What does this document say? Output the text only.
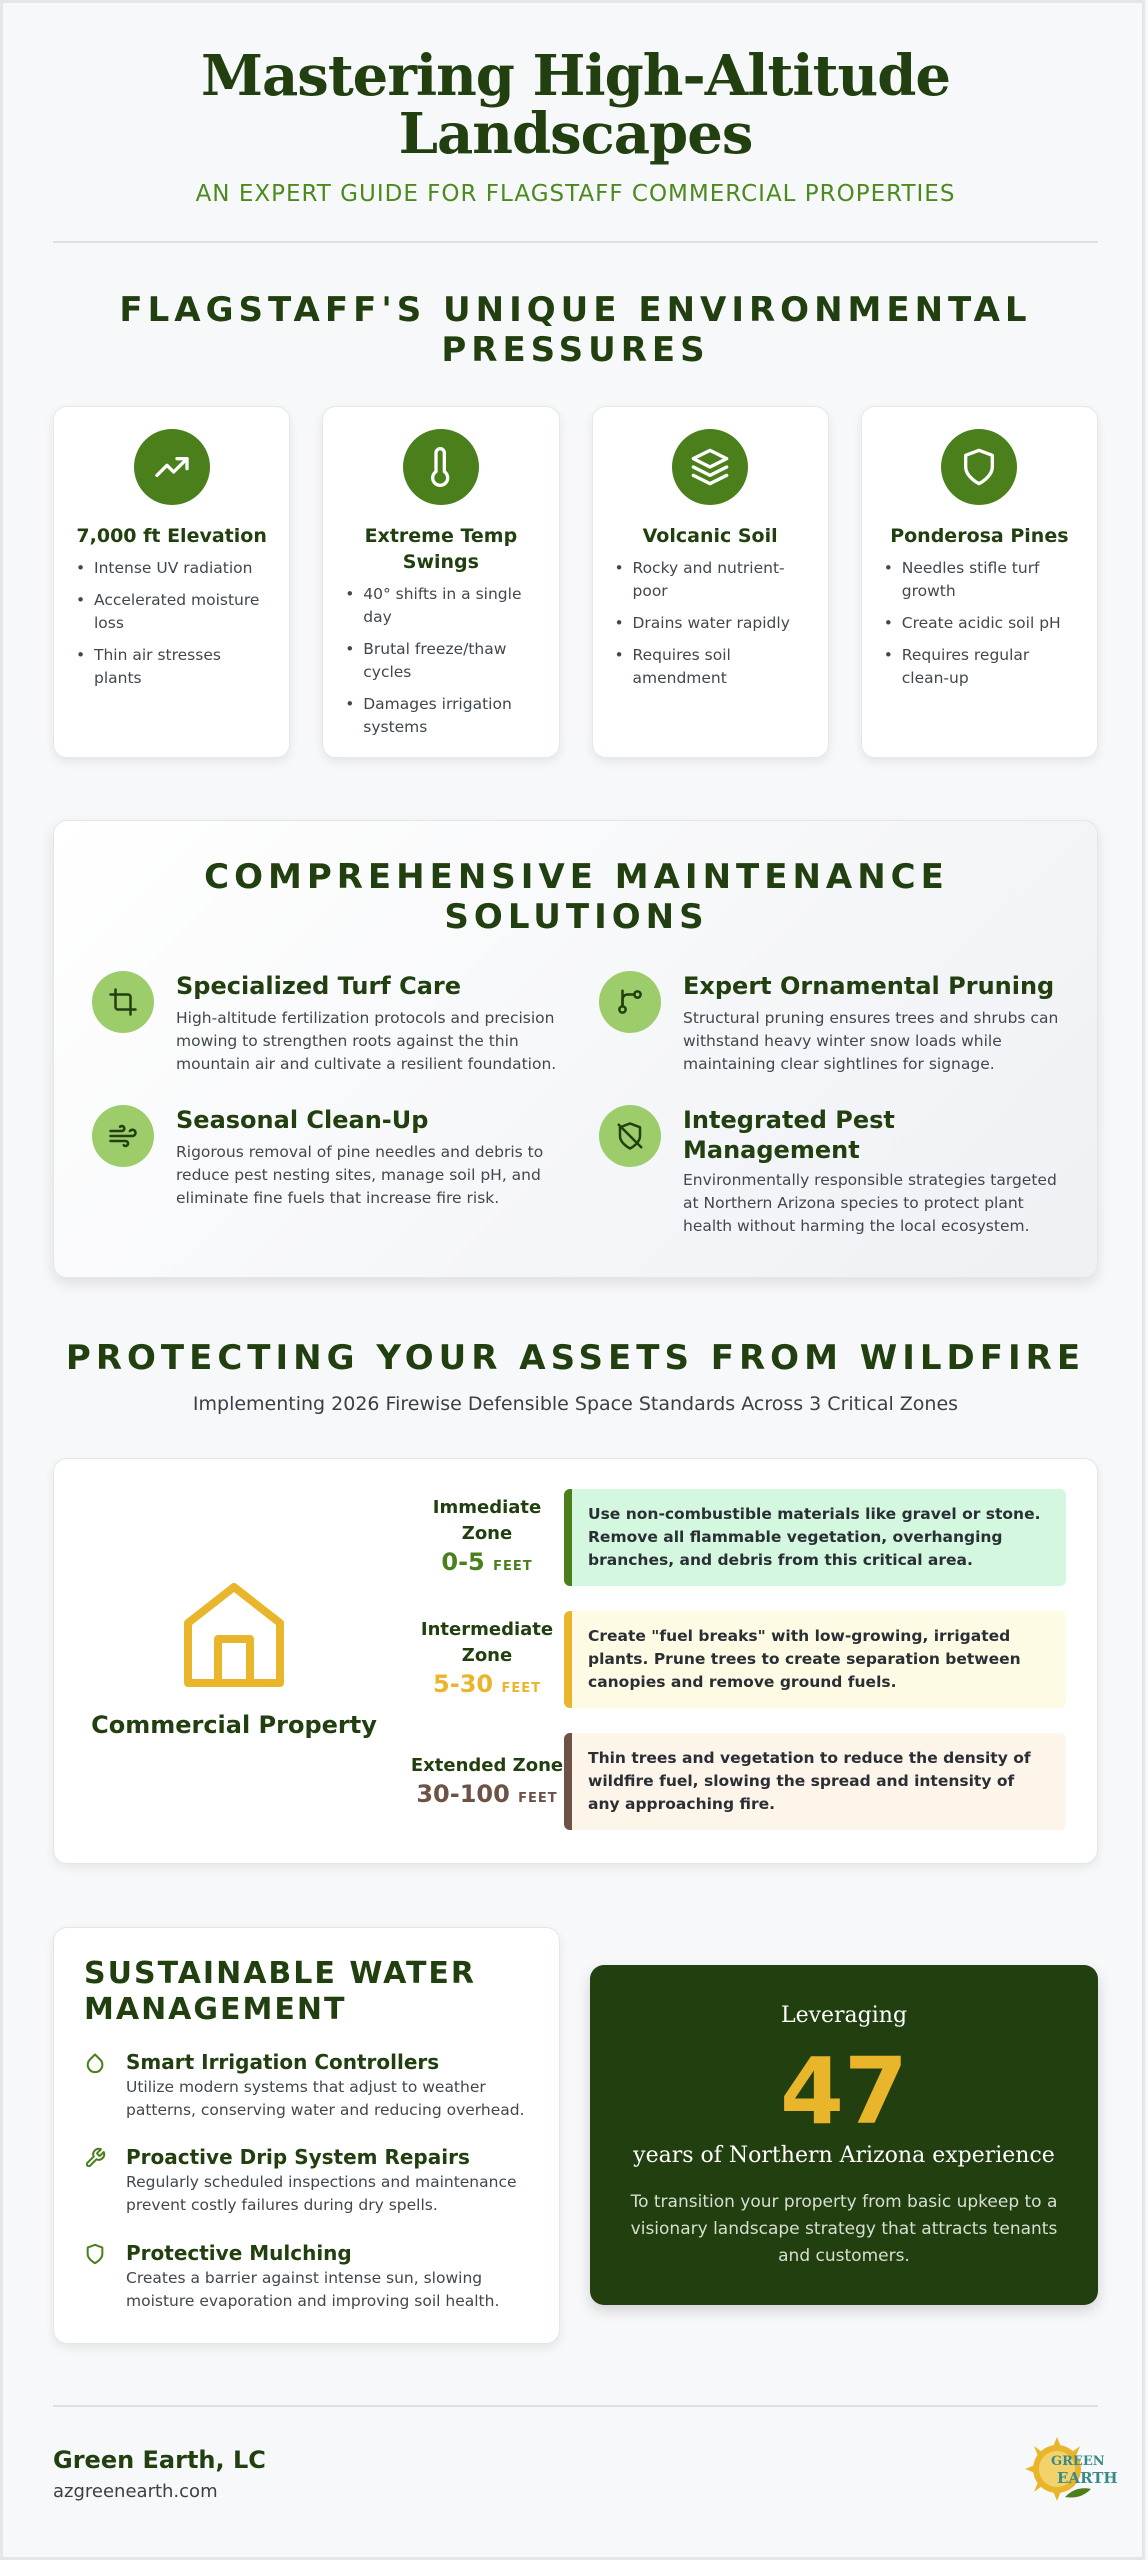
Mastering High-Altitude
Landscapes
AN EXPERT GUIDE FOR FLAGSTAFF COMMERCIAL PROPERTIES
FLAGSTAFF'S UNIQUE ENVIRONMENTAL
PRESSURES
7,000 ft Elevation
• Intense UV radiation
• Accelerated moisture loss
• Thin air stresses plants
Extreme Temp Swings
• 40° shifts in a single day
• Brutal freeze/thaw cycles
• Damages irrigation systems
Volcanic Soil
• Rocky and nutrient-poor
• Drains water rapidly
• Requires soil amendment
Ponderosa Pines
• Needles stifle turf growth
• Create acidic soil pH
• Requires regular clean-up
COMPREHENSIVE MAINTENANCE
SOLUTIONS
Specialized Turf Care
High-altitude fertilization protocols and precision mowing to strengthen roots against the thin mountain air and cultivate a resilient foundation.
Expert Ornamental Pruning
Structural pruning ensures trees and shrubs can withstand heavy winter snow loads while maintaining clear sightlines for signage.
Seasonal Clean-Up
Rigorous removal of pine needles and debris to reduce pest nesting sites, manage soil pH, and eliminate fine fuels that increase fire risk.
Integrated Pest Management
Environmentally responsible strategies targeted at Northern Arizona species to protect plant health without harming the local ecosystem.
PROTECTING YOUR ASSETS FROM WILDFIRE
Implementing 2026 Firewise Defensible Space Standards Across 3 Critical Zones
Commercial Property
Immediate
Zone
0-5 FEET
Use non-combustible materials like gravel or stone. Remove all flammable vegetation, overhanging branches, and debris from this critical area.
Intermediate
Zone
5-30 FEET
Create "fuel breaks" with low-growing, irrigated plants. Prune trees to create separation between canopies and remove ground fuels.
Extended Zone
30-100 FEET
Thin trees and vegetation to reduce the density of wildfire fuel, slowing the spread and intensity of any approaching fire.
SUSTAINABLE WATER
MANAGEMENT
Smart Irrigation Controllers
Utilize modern systems that adjust to weather patterns, conserving water and reducing overhead.
Proactive Drip System Repairs
Regularly scheduled inspections and maintenance prevent costly failures during dry spells.
Protective Mulching
Creates a barrier against intense sun, slowing moisture evaporation and improving soil health.
Leveraging
47
years of Northern Arizona experience
To transition your property from basic upkeep to a visionary landscape strategy that attracts tenants and customers.
Green Earth, LC
azgreenearth.com
GREEN
EARTH
